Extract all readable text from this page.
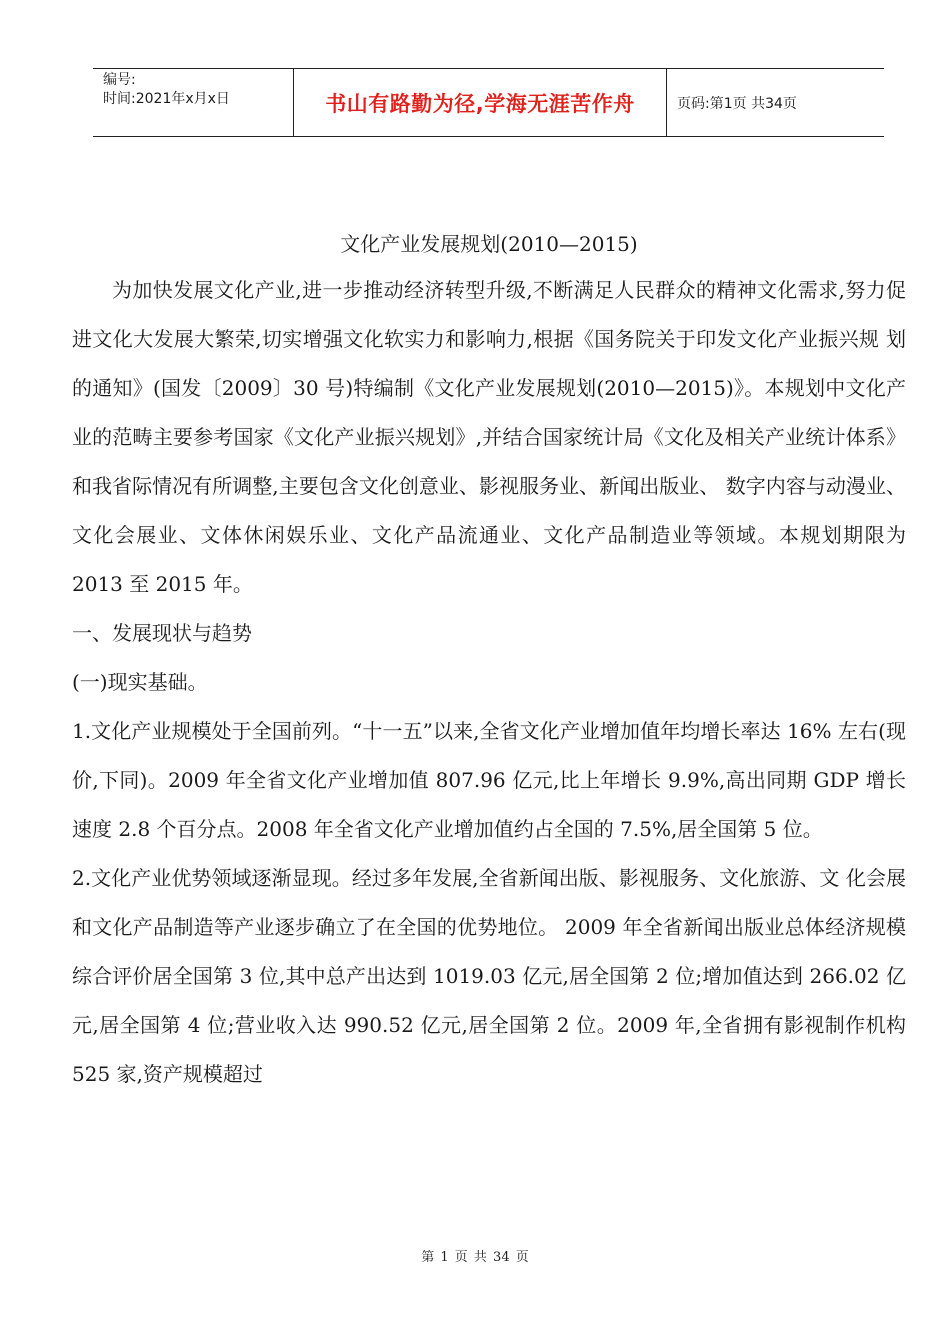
编号:
时间:2021年x月x日	书山有路勤为径,学海无涯苦作舟	页码:第1页 共34页
文化产业发展规划(2010—2015)

为加快发展文化产业,进一步推动经济转型升级,不断满足人民群众的精神文化需求,努力促进文化大发展大繁荣,切实增强文化软实力和影响力,根据《国务院关于印发文化产业振兴规 划的通知》(国发〔2009〕30 号)特编制《文化产业发展规划(2010—2015)》。本规划中文化产业的范畴主要参考国家《文化产业振兴规划》,并结合国家统计局《文化及相关产业统计体系》和我省际情况有所调整,主要包含文化创意业、影视服务业、新闻出版业、 数字内容与动漫业、文化会展业、文体休闲娱乐业、文化产品流通业、文化产品制造业等领域。本规划期限为 2013 至 2015 年。

一、发展现状与趋势

(一)现实基础。

1.文化产业规模处于全国前列。“十一五”以来,全省文化产业增加值年均增长率达 16% 左右(现价,下同)。2009 年全省文化产业增加值 807.96 亿元,比上年增长 9.9%,高出同期 GDP 增长速度 2.8 个百分点。2008 年全省文化产业增加值约占全国的 7.5%,居全国第 5 位。

2.文化产业优势领域逐渐显现。经过多年发展,全省新闻出版、影视服务、文化旅游、文 化会展和文化产品制造等产业逐步确立了在全国的优势地位。 2009 年全省新闻出版业总体经济规模 综合评价居全国第 3 位,其中总产出达到 1019.03 亿元,居全国第 2 位;增加值达到 266.02 亿 元,居全国第 4 位;营业收入达 990.52 亿元,居全国第 2 位。2009 年,全省拥有影视制作机构 525 家,资产规模超过

第 1 页 共 34 页
